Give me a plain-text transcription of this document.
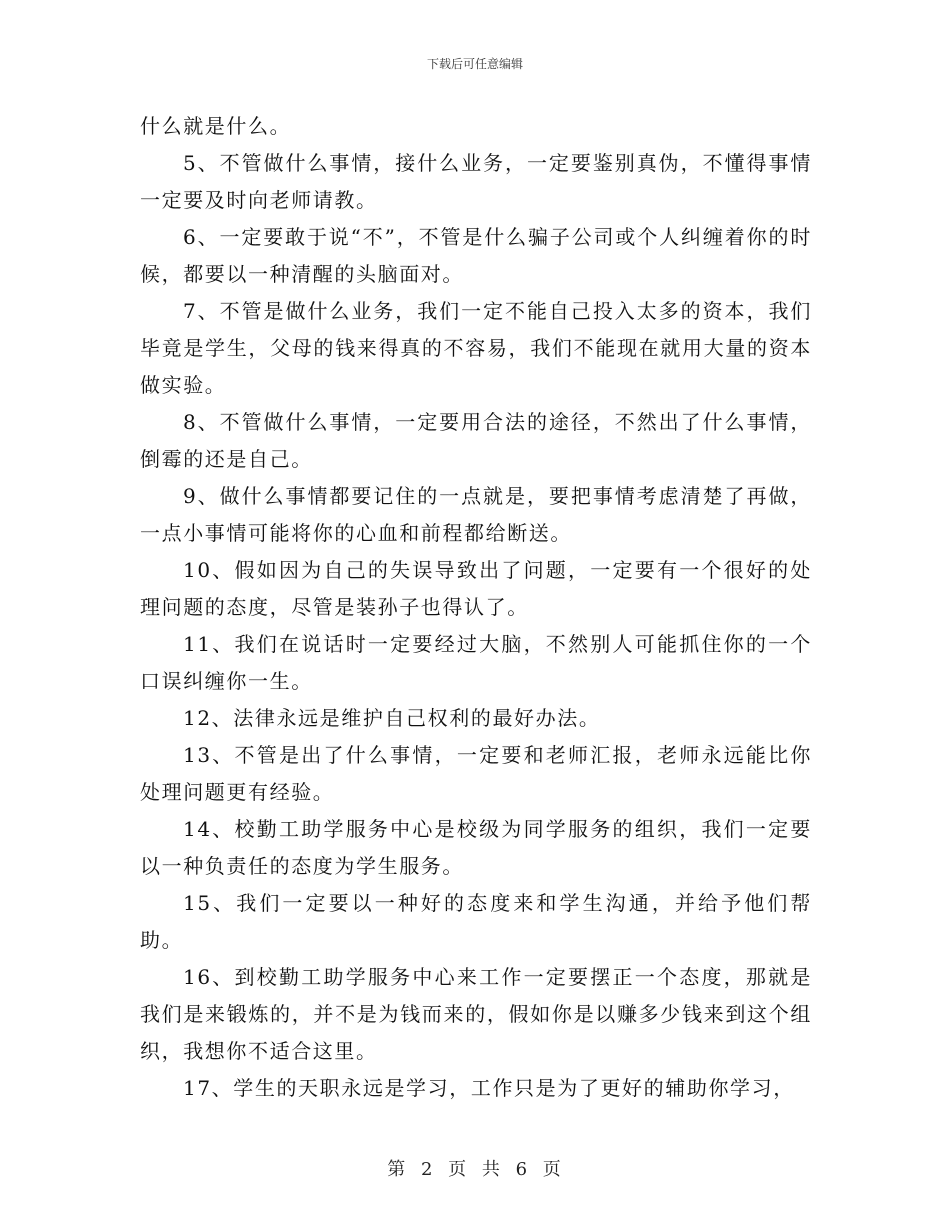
下载后可任意编辑

什么就是什么。

5、不管做什么事情，接什么业务，一定要鉴别真伪，不懂得事情一定要及时向老师请教。

6、一定要敢于说“不”，不管是什么骗子公司或个人纠缠着你的时候，都要以一种清醒的头脑面对。

7、不管是做什么业务，我们一定不能自己投入太多的资本，我们毕竟是学生，父母的钱来得真的不容易，我们不能现在就用大量的资本做实验。

8、不管做什么事情，一定要用合法的途径，不然出了什么事情，倒霉的还是自己。

9、做什么事情都要记住的一点就是，要把事情考虑清楚了再做，一点小事情可能将你的心血和前程都给断送。

10、假如因为自己的失误导致出了问题，一定要有一个很好的处理问题的态度，尽管是装孙子也得认了。

11、我们在说话时一定要经过大脑，不然别人可能抓住你的一个口误纠缠你一生。

12、法律永远是维护自己权利的最好办法。

13、不管是出了什么事情，一定要和老师汇报，老师永远能比你处理问题更有经验。

14、校勤工助学服务中心是校级为同学服务的组织，我们一定要以一种负责任的态度为学生服务。

15、我们一定要以一种好的态度来和学生沟通，并给予他们帮助。

16、到校勤工助学服务中心来工作一定要摆正一个态度，那就是我们是来锻炼的，并不是为钱而来的，假如你是以赚多少钱来到这个组织，我想你不适合这里。

17、学生的天职永远是学习，工作只是为了更好的辅助你学习，

第 2 页 共 6 页
